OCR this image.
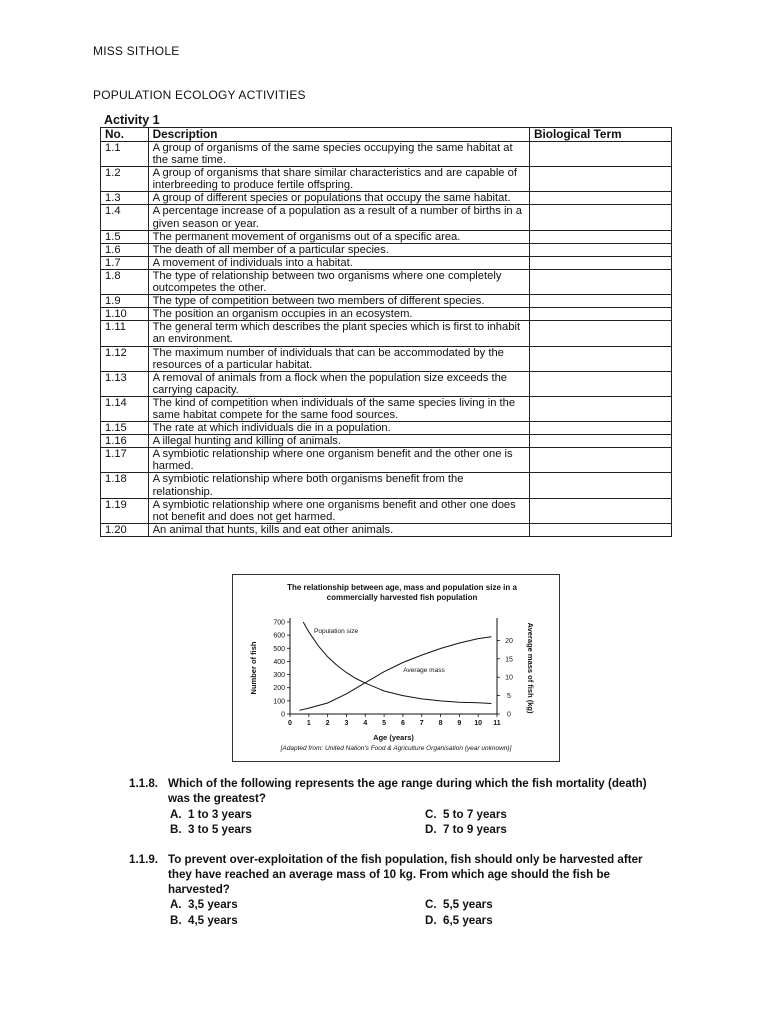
MISS SITHOLE
POPULATION ECOLOGY ACTIVITIES
Activity 1
No.	Description	Biological Term
1.1	A group of organisms of the same species occupying the same habitat at the same time.	
1.2	A group of organisms that share similar characteristics and are capable of interbreeding to produce fertile offspring.	
1.3	A group of different species or populations that occupy the same habitat.	
1.4	A percentage increase of a population as a result of a number of births in a given season or year.	
1.5	The permanent movement of organisms out of a specific area.	
1.6	The death of all member of a particular species.	
1.7	A movement of individuals into a habitat.	
1.8	The type of relationship between two organisms where one completely outcompetes the other.	
1.9	The type of competition between two members of different species.	
1.10	The position an organism occupies in an ecosystem.	
1.11	The general term which describes the plant species which is first to inhabit an environment.	
1.12	The maximum number of individuals that can be accommodated by the resources of a particular habitat.	
1.13	A removal of animals from a flock when the population size exceeds the carrying capacity.	
1.14	The kind of competition when individuals of the same species living in the same habitat compete for the same food sources.	
1.15	The rate at which individuals die in a population.	
1.16	A illegal hunting and killing of animals.	
1.17	A symbiotic relationship where one organism benefit and the other one is harmed.	
1.18	A symbiotic relationship where both organisms benefit from the relationship.	
1.19	A symbiotic relationship where one organisms benefit and other one does not benefit and does not get harmed.	
1.20	An animal that hunts, kills and eat other animals.	
The relationship between age, mass and population size in a
commercially harvested fish population
0
100
200
300
400
500
600
700
0
5
10
15
20
0 1 2 3 4 5 6 7 8 9 10 11
Age (years)
Number of fish	Average mass of fish (kg)
Population size
Average mass
[Adapted from: United Nation's Food & Agriculture Organisation (year unknown)]
1.1.8. Which of the following represents the age range during which the fish mortality (death) was the greatest?
A. 1 to 3 years
B. 3 to 5 years
C. 5 to 7 years
D. 7 to 9 years
1.1.9. To prevent over-exploitation of the fish population, fish should only be harvested after they have reached an average mass of 10 kg. From which age should the fish be harvested?
A. 3,5 years
B. 4,5 years
C. 5,5 years
D. 6,5 years
